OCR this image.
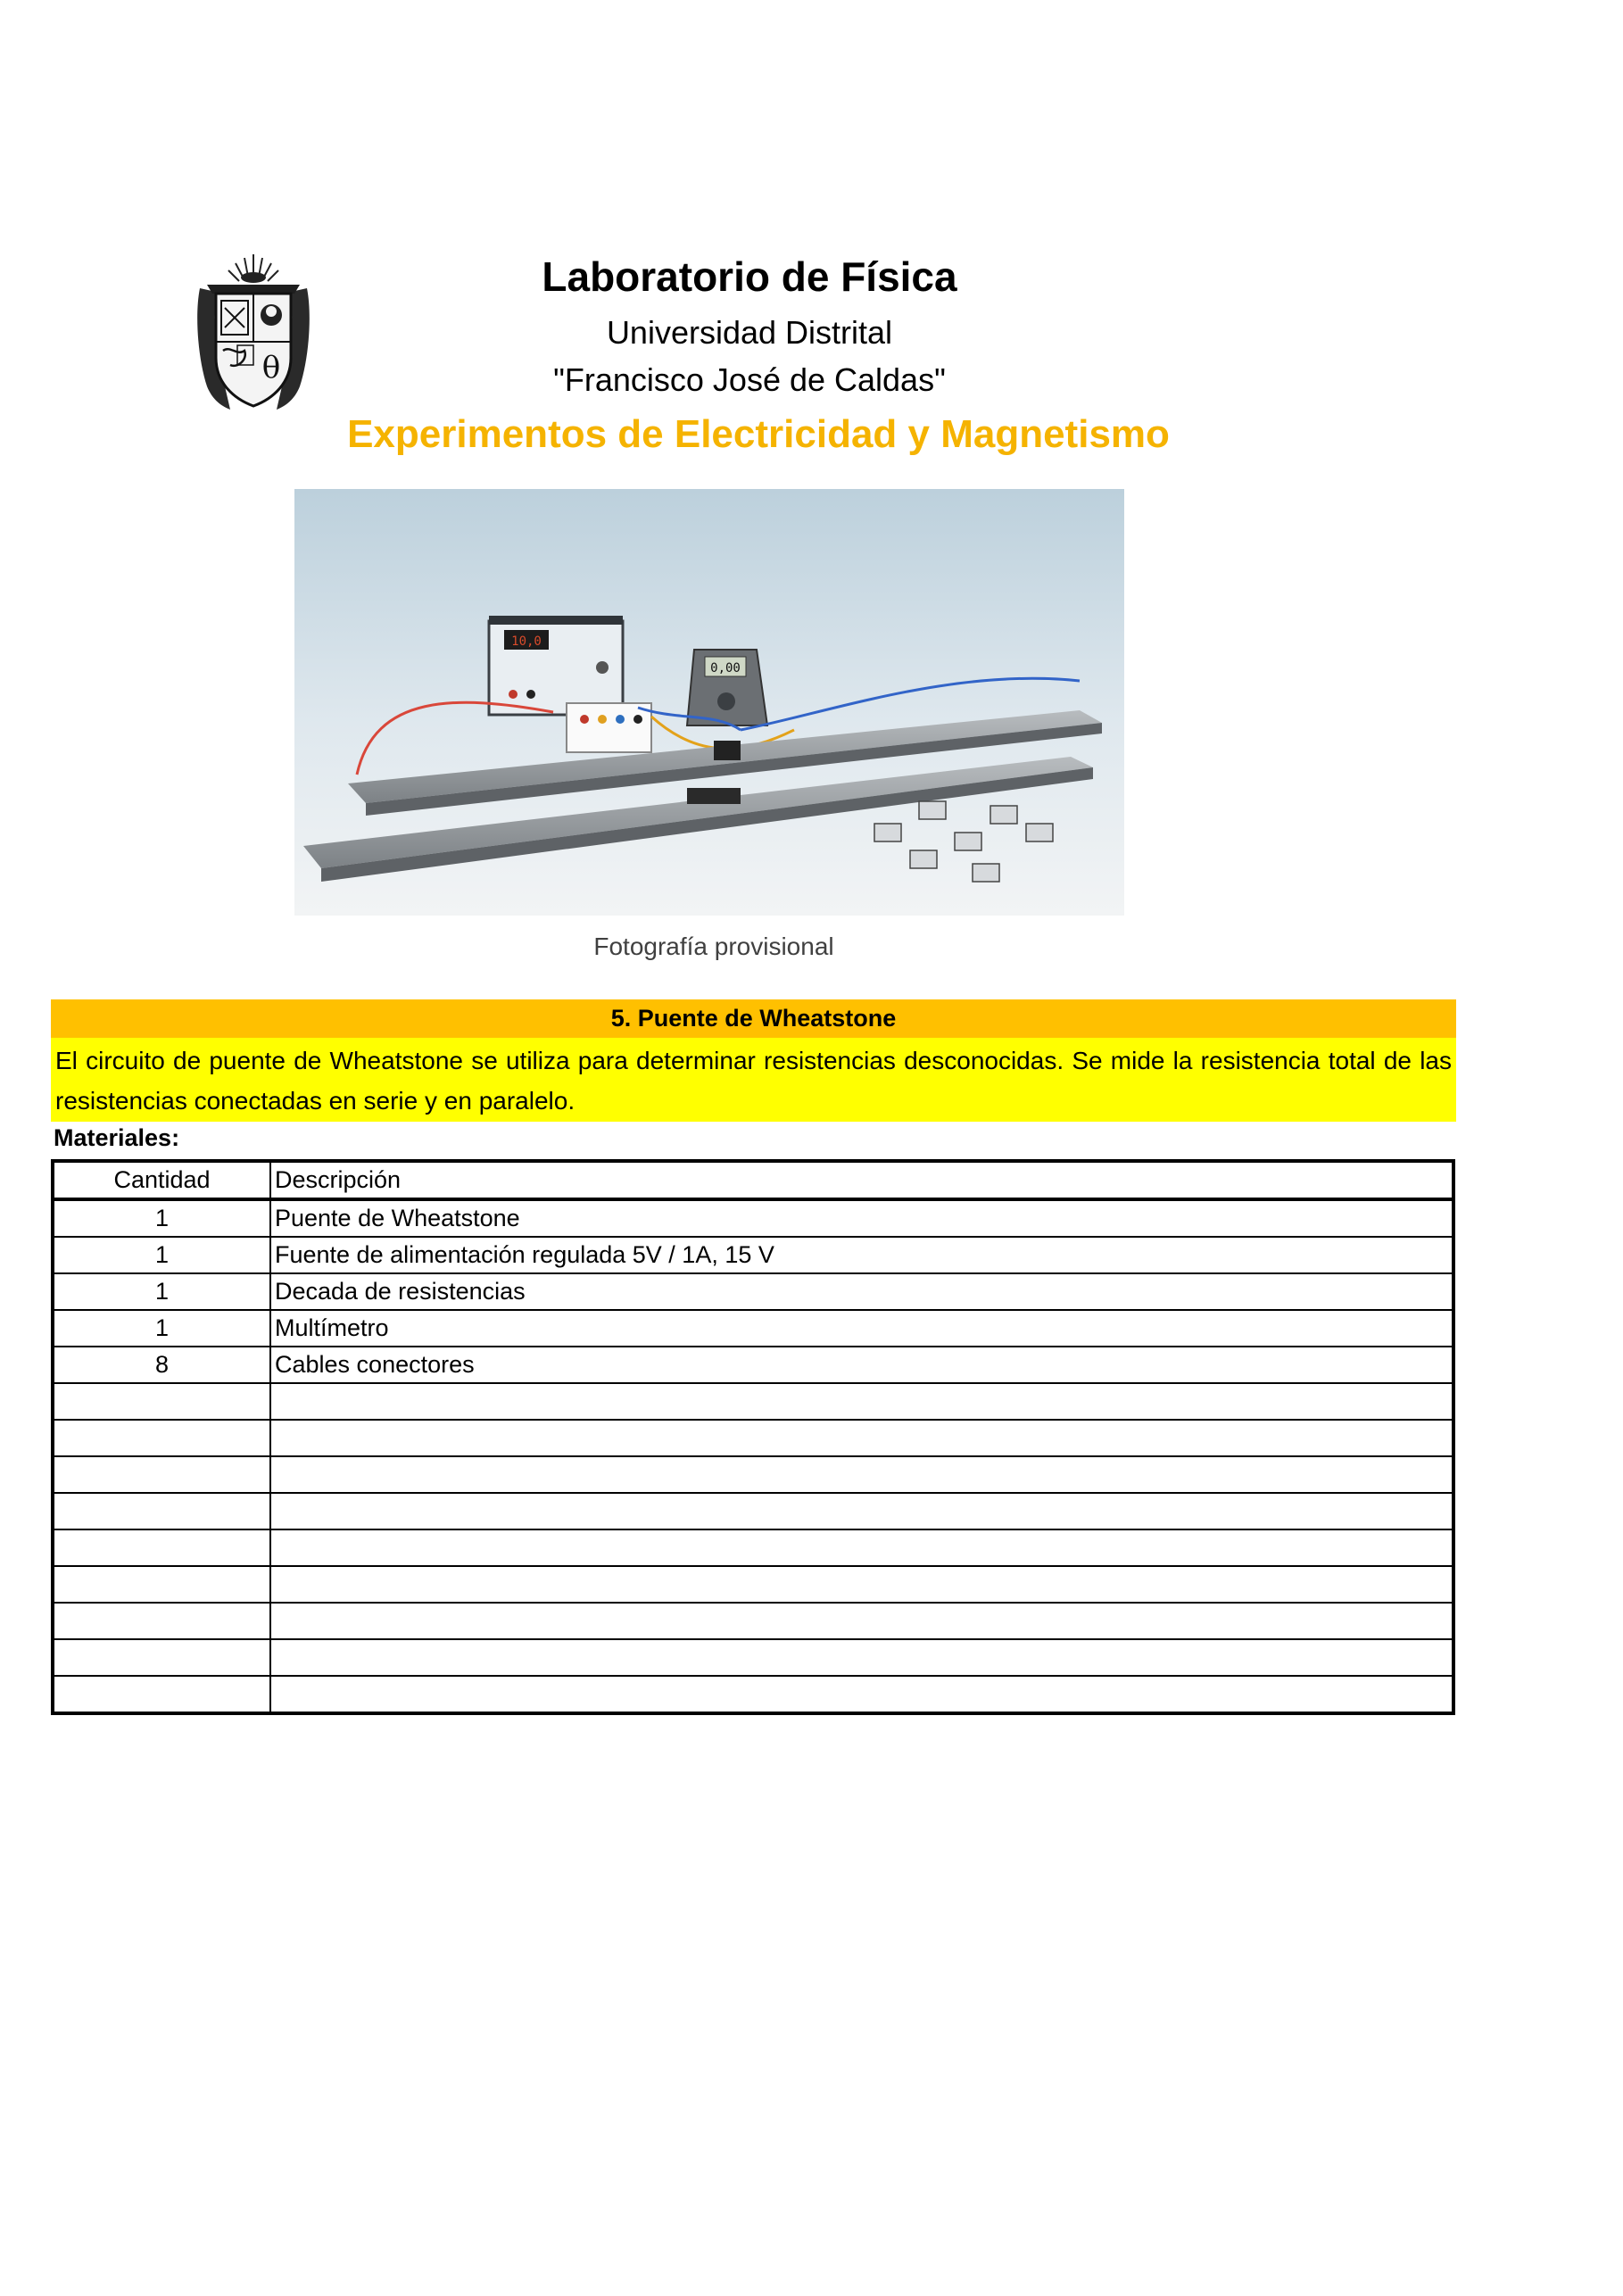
θ
Laboratorio de Física
Universidad Distrital
"Francisco José de Caldas"
Experimentos de Electricidad y Magnetismo
10,0
0,00
Fotografía provisional
5. Puente de Wheatstone
El circuito de puente de Wheatstone se utiliza para determinar resistencias desconocidas. Se mide la resistencia total de las resistencias conectadas en serie y en paralelo.
Materiales:
Cantidad	Descripción
1	Puente de Wheatstone
1	Fuente de alimentación regulada 5V / 1A, 15 V
1	Decada de resistencias
1	Multímetro
8	Cables conectores
